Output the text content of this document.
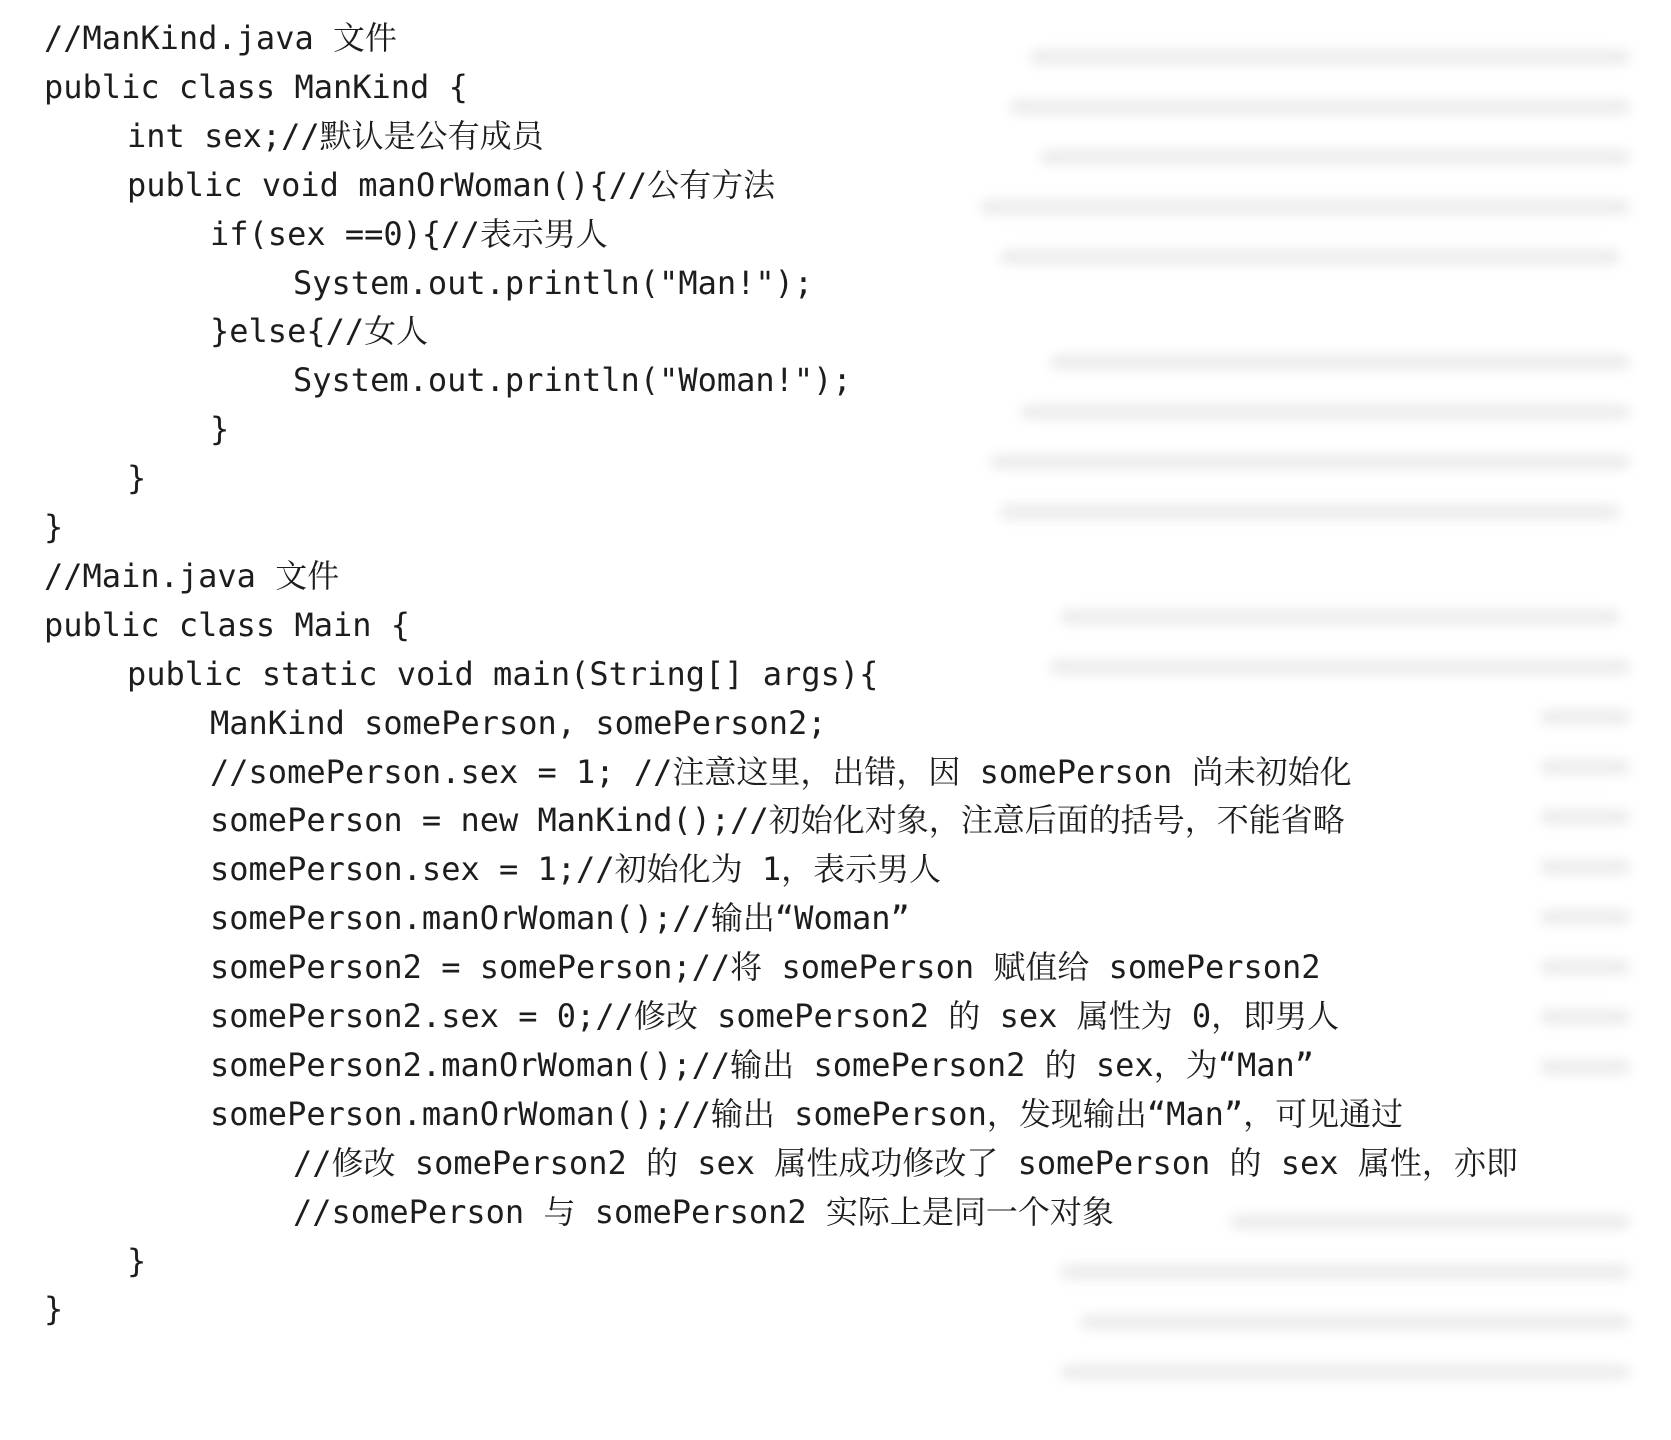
//ManKind.java 文件
public class ManKind {
int sex;//默认是公有成员
public void manOrWoman(){//公有方法
if(sex ==0){//表示男人
System.out.println("Man!");
}else{//女人
System.out.println("Woman!");
}
}
}
//Main.java 文件
public class Main {
public static void main(String[] args){
ManKind somePerson, somePerson2;
//somePerson.sex = 1; //注意这里，出错，因 somePerson 尚未初始化
somePerson = new ManKind();//初始化对象，注意后面的括号，不能省略
somePerson.sex = 1;//初始化为 1，表示男人
somePerson.manOrWoman();//输出“Woman”
somePerson2 = somePerson;//将 somePerson 赋值给 somePerson2
somePerson2.sex = 0;//修改 somePerson2 的 sex 属性为 0，即男人
somePerson2.manOrWoman();//输出 somePerson2 的 sex，为“Man”
somePerson.manOrWoman();//输出 somePerson，发现输出“Man”，可见通过
//修改 somePerson2 的 sex 属性成功修改了 somePerson 的 sex 属性，亦即
//somePerson 与 somePerson2 实际上是同一个对象
}
}
